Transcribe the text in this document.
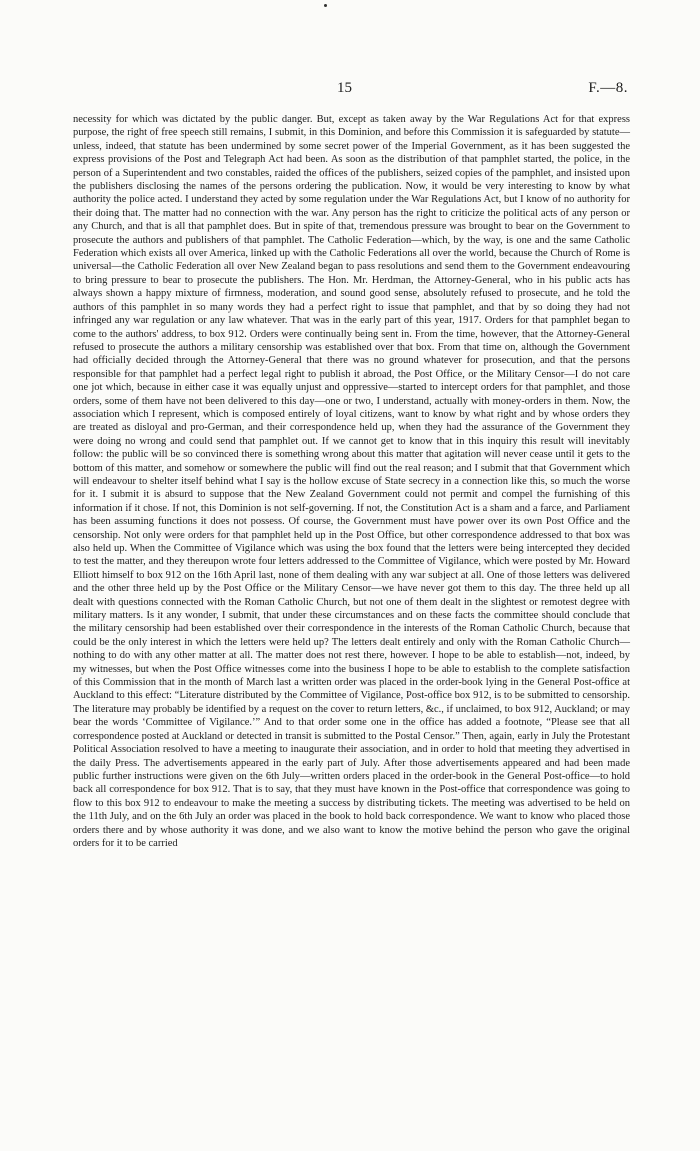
15	F.—8.
necessity for which was dictated by the public danger. But, except as taken away by the War Regulations Act for that express purpose, the right of free speech still remains, I submit, in this Dominion, and before this Commission it is safeguarded by statute—unless, indeed, that statute has been undermined by some secret power of the Imperial Government, as it has been suggested the express provisions of the Post and Telegraph Act had been. As soon as the distribution of that pamphlet started, the police, in the person of a Superintendent and two constables, raided the offices of the publishers, seized copies of the pamphlet, and insisted upon the publishers disclosing the names of the persons ordering the publication. Now, it would be very interesting to know by what authority the police acted. I understand they acted by some regulation under the War Regulations Act, but I know of no authority for their doing that. The matter had no connection with the war. Any person has the right to criticize the political acts of any person or any Church, and that is all that pamphlet does. But in spite of that, tremendous pressure was brought to bear on the Government to prosecute the authors and publishers of that pamphlet. The Catholic Federation—which, by the way, is one and the same Catholic Federation which exists all over America, linked up with the Catholic Federations all over the world, because the Church of Rome is universal—the Catholic Federation all over New Zealand began to pass resolutions and send them to the Government endeavouring to bring pressure to bear to prosecute the publishers. The Hon. Mr. Herdman, the Attorney-General, who in his public acts has always shown a happy mixture of firmness, moderation, and sound good sense, absolutely refused to prosecute, and he told the authors of this pamphlet in so many words they had a perfect right to issue that pamphlet, and that by so doing they had not infringed any war regulation or any law whatever. That was in the early part of this year, 1917. Orders for that pamphlet began to come to the authors' address, to box 912. Orders were continually being sent in. From the time, however, that the Attorney-General refused to prosecute the authors a military censorship was established over that box. From that time on, although the Government had officially decided through the Attorney-General that there was no ground whatever for prosecution, and that the persons responsible for that pamphlet had a perfect legal right to publish it abroad, the Post Office, or the Military Censor—I do not care one jot which, because in either case it was equally unjust and oppressive—started to intercept orders for that pamphlet, and those orders, some of them have not been delivered to this day—one or two, I understand, actually with money-orders in them. Now, the association which I represent, which is composed entirely of loyal citizens, want to know by what right and by whose orders they are treated as disloyal and pro-German, and their correspondence held up, when they had the assurance of the Government they were doing no wrong and could send that pamphlet out. If we cannot get to know that in this inquiry this result will inevitably follow: the public will be so convinced there is something wrong about this matter that agitation will never cease until it gets to the bottom of this matter, and somehow or somewhere the public will find out the real reason; and I submit that that Government which will endeavour to shelter itself behind what I say is the hollow excuse of State secrecy in a connection like this, so much the worse for it. I submit it is absurd to suppose that the New Zealand Government could not permit and compel the furnishing of this information if it chose. If not, this Dominion is not self-governing. If not, the Constitution Act is a sham and a farce, and Parliament has been assuming functions it does not possess. Of course, the Government must have power over its own Post Office and the censorship. Not only were orders for that pamphlet held up in the Post Office, but other correspondence addressed to that box was also held up. When the Committee of Vigilance which was using the box found that the letters were being intercepted they decided to test the matter, and they thereupon wrote four letters addressed to the Committee of Vigilance, which were posted by Mr. Howard Elliott himself to box 912 on the 16th April last, none of them dealing with any war subject at all. One of those letters was delivered and the other three held up by the Post Office or the Military Censor—we have never got them to this day. The three held up all dealt with questions connected with the Roman Catholic Church, but not one of them dealt in the slightest or remotest degree with military matters. Is it any wonder, I submit, that under these circumstances and on these facts the committee should conclude that the military censorship had been established over their correspondence in the interests of the Roman Catholic Church, because that could be the only interest in which the letters were held up? The letters dealt entirely and only with the Roman Catholic Church—nothing to do with any other matter at all. The matter does not rest there, however. I hope to be able to establish—not, indeed, by my witnesses, but when the Post Office witnesses come into the business I hope to be able to establish to the complete satisfaction of this Commission that in the month of March last a written order was placed in the order-book lying in the General Post-office at Auckland to this effect: “Literature distributed by the Committee of Vigilance, Post-office box 912, is to be submitted to censorship. The literature may probably be identified by a request on the cover to return letters, &c., if unclaimed, to box 912, Auckland; or may bear the words ‘Committee of Vigilance.’” And to that order some one in the office has added a footnote, “Please see that all correspondence posted at Auckland or detected in transit is submitted to the Postal Censor.” Then, again, early in July the Protestant Political Association resolved to have a meeting to inaugurate their association, and in order to hold that meeting they advertised in the daily Press. The advertisements appeared in the early part of July. After those advertisements appeared and had been made public further instructions were given on the 6th July—written orders placed in the order-book in the General Post-office—to hold back all correspondence for box 912. That is to say, that they must have known in the Post-office that correspondence was going to flow to this box 912 to endeavour to make the meeting a success by distributing tickets. The meeting was advertised to be held on the 11th July, and on the 6th July an order was placed in the book to hold back correspondence. We want to know who placed those orders there and by whose authority it was done, and we also want to know the motive behind the person who gave the original orders for it to be carried
